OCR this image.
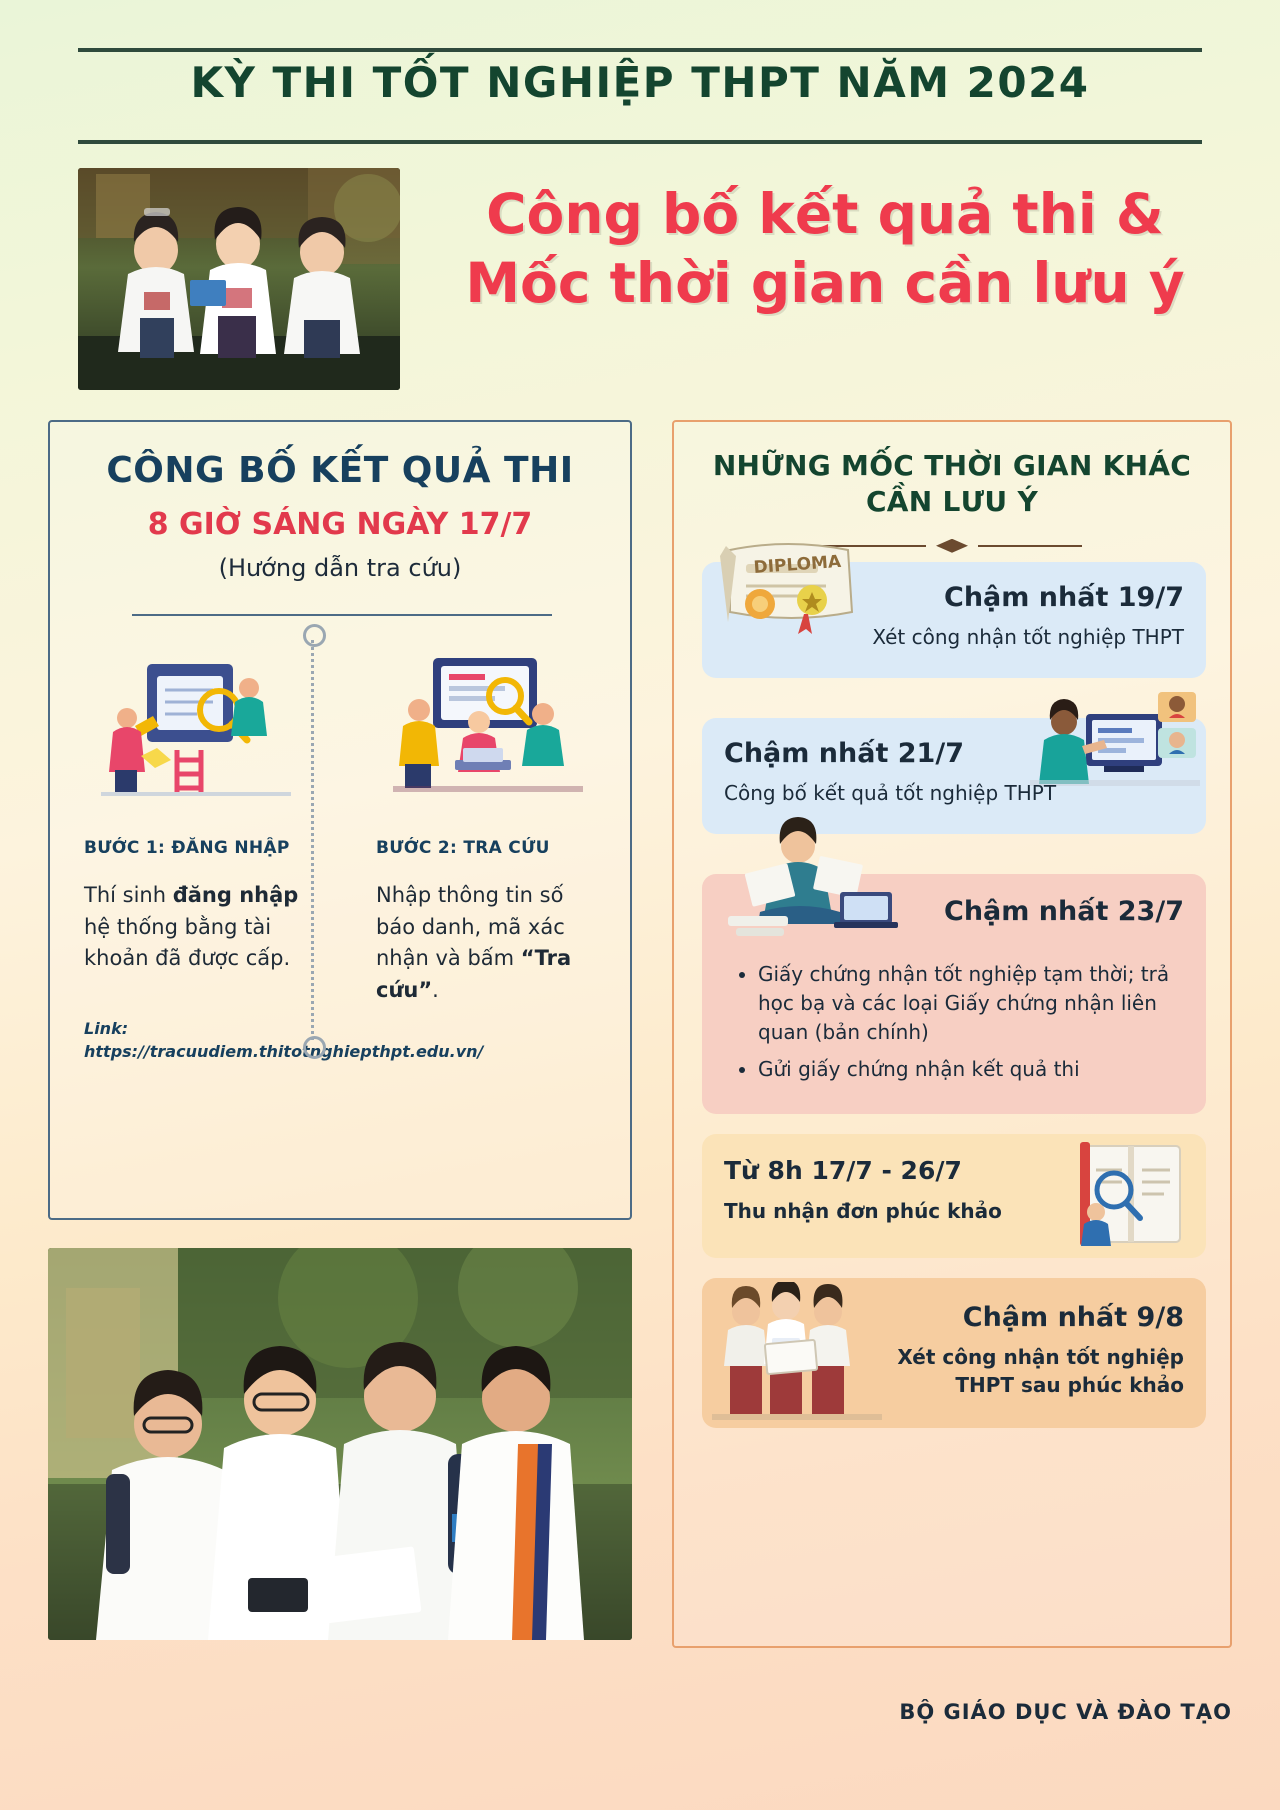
KỲ THI TỐT NGHIỆP THPT NĂM 2024
Công bố kết quả thi &
Mốc thời gian cần lưu ý
CÔNG BỐ KẾT QUẢ THI
8 GIỜ SÁNG NGÀY 17/7
(Hướng dẫn tra cứu)
BƯỚC 1: ĐĂNG NHẬP
Thí sinh đăng nhập hệ thống bằng tài khoản đã được cấp.
Link: https://tracuudiem.thitotnghiepthpt.edu.vn/
BƯỚC 2: TRA CỨU
Nhập thông tin số báo danh, mã xác nhận và bấm “Tra cứu”.
NHỮNG MỐC THỜI GIAN KHÁC
CẦN LƯU Ý
DIPLOMA
Chậm nhất 19/7
Xét công nhận tốt nghiệp THPT
Chậm nhất 21/7
Công bố kết quả tốt nghiệp THPT
Chậm nhất 23/7
• Giấy chứng nhận tốt nghiệp tạm thời; trả học bạ và các loại Giấy chứng nhận liên quan (bản chính)
• Gửi giấy chứng nhận kết quả thi
Từ 8h 17/7 - 26/7
Thu nhận đơn phúc khảo
Chậm nhất 9/8
Xét công nhận tốt nghiệp THPT sau phúc khảo
BỘ GIÁO DỤC VÀ ĐÀO TẠO
